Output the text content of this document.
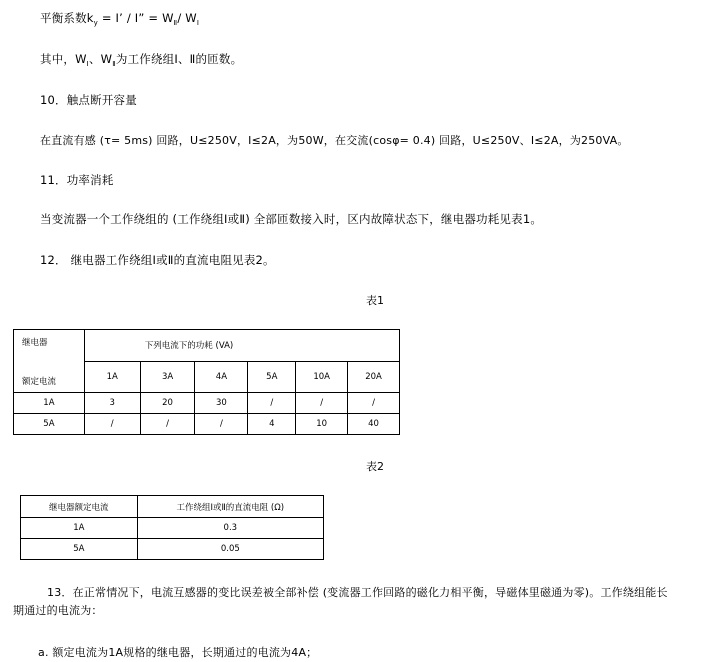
平衡系数$k_y = I$’ / I” = $W_Ⅱ/$ $W_Ⅰ$
其中，$W_Ⅰ$、$W_Ⅱ$为工作绕组Ⅰ、Ⅱ的匝数。
10．触点断开容量
在直流有感 (τ= 5ms) 回路，U≤250V，I≤2A，为50W，在交流(cosφ= 0.4) 回路，U≤250V、I≤2A，为250VA。
11．功率消耗
当变流器一个工作绕组的 (工作绕组Ⅰ或Ⅱ) 全部匝数接入时，区内故障状态下，继电器功耗见表1。
12． 继电器工作绕组Ⅰ或Ⅱ的直流电阻见表2。
表1
继电器
额定电流	下列电流下的功耗 (VA)					
	1A	3A	4A	5A	10A	20A
1A	3	20	30	/	/	/
5A	/	/	/	4	10	40
表2
继电器额定电流	工作绕组Ⅰ或Ⅱ的直流电阻 (Ω)
1A	0.3
5A	0.05
13．在正常情况下，电流互感器的变比误差被全部补偿 (变流器工作回路的磁化力相平衡，导磁体里磁通为零)。工作绕组能长
期通过的电流为：
a. 额定电流为1A规格的继电器，长期通过的电流为4A；
